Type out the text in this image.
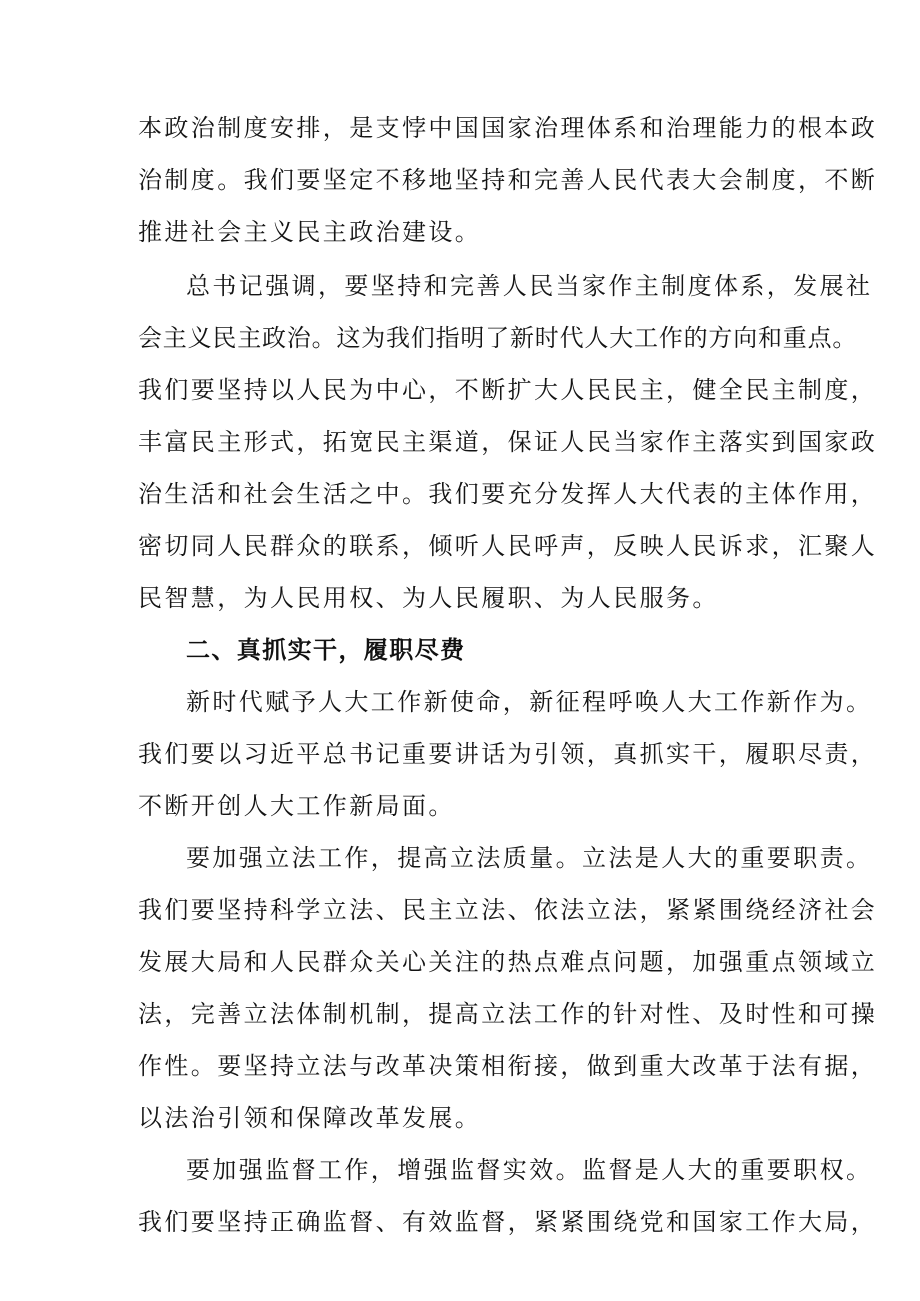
本政治制度安排，是支悖中国国家治理体系和治理能力的根本政
治制度。我们要坚定不移地坚持和完善人民代表大会制度，不断
推进社会主义民主政治建设。
总书记强调，要坚持和完善人民当家作主制度体系，发展社
会主义民主政治。这为我们指明了新时代人大工作的方向和重点。
我们要坚持以人民为中心，不断扩大人民民主，健全民主制度，
丰富民主形式，拓宽民主渠道，保证人民当家作主落实到国家政
治生活和社会生活之中。我们要充分发挥人大代表的主体作用，
密切同人民群众的联系，倾听人民呼声，反映人民诉求，汇聚人
民智慧，为人民用权、为人民履职、为人民服务。
二、真抓实干，履职尽费
新时代赋予人大工作新使命，新征程呼唤人大工作新作为。
我们要以习近平总书记重要讲话为引领，真抓实干，履职尽责，
不断开创人大工作新局面。
要加强立法工作，提高立法质量。立法是人大的重要职责。
我们要坚持科学立法、民主立法、依法立法，紧紧围绕经济社会
发展大局和人民群众关心关注的热点难点问题，加强重点领域立
法，完善立法体制机制，提高立法工作的针对性、及时性和可操
作性。要坚持立法与改革决策相衔接，做到重大改革于法有据，
以法治引领和保障改革发展。
要加强监督工作，增强监督实效。监督是人大的重要职权。
我们要坚持正确监督、有效监督，紧紧围绕党和国家工作大局，
